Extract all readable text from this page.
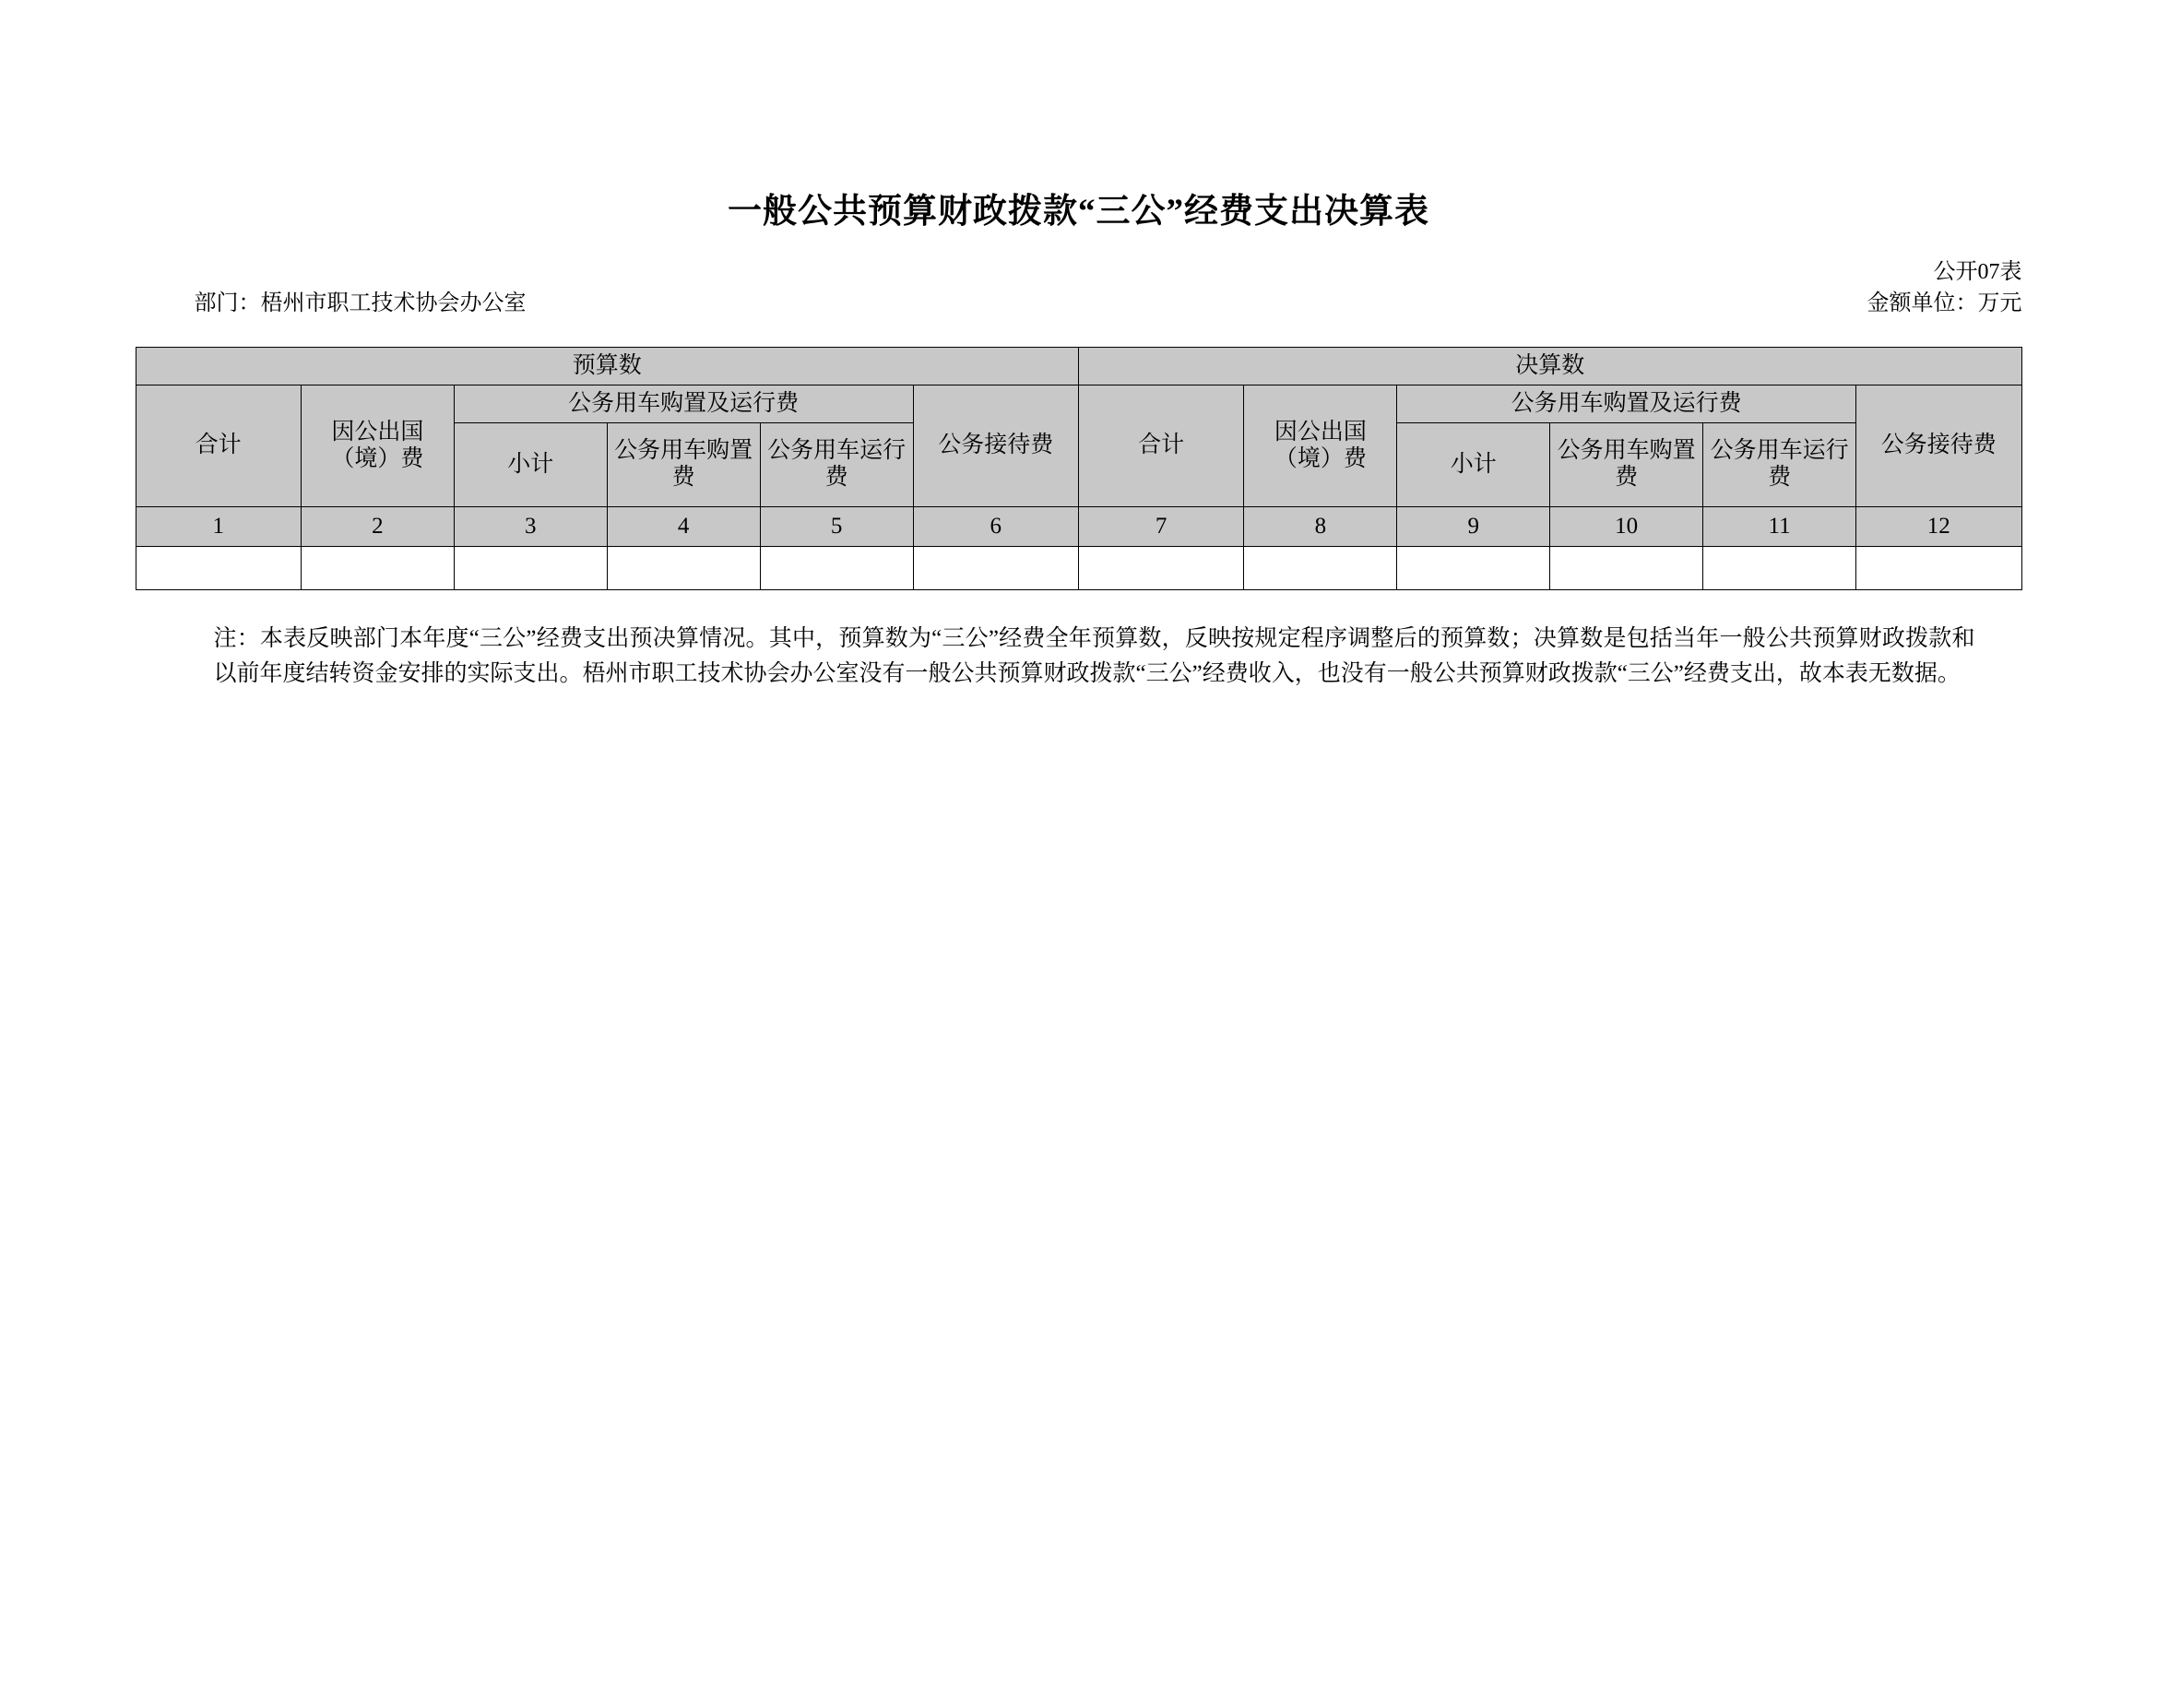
一般公共预算财政拨款“三公”经费支出决算表
公开07表
部门：梧州市职工技术协会办公室	金额单位：万元
预算数						决算数					
合计	因公出国（境）费	公务用车购置及运行费			公务接待费	合计	因公出国（境）费	公务用车购置及运行费			公务接待费
		小计	公务用车购置费	公务用车运行费				小计	公务用车购置费	公务用车运行费	
1	2	3	4	5	6	7	8	9	10	11	12

注：本表反映部门本年度“三公”经费支出预决算情况。其中，预算数为“三公”经费全年预算数，反映按规定程序调整后的预算数；决算数是包括当年一般公共预算财政拨款和以前年度结转资金安排的实际支出。梧州市职工技术协会办公室没有一般公共预算财政拨款“三公”经费收入，也没有一般公共预算财政拨款“三公”经费支出，故本表无数据。
